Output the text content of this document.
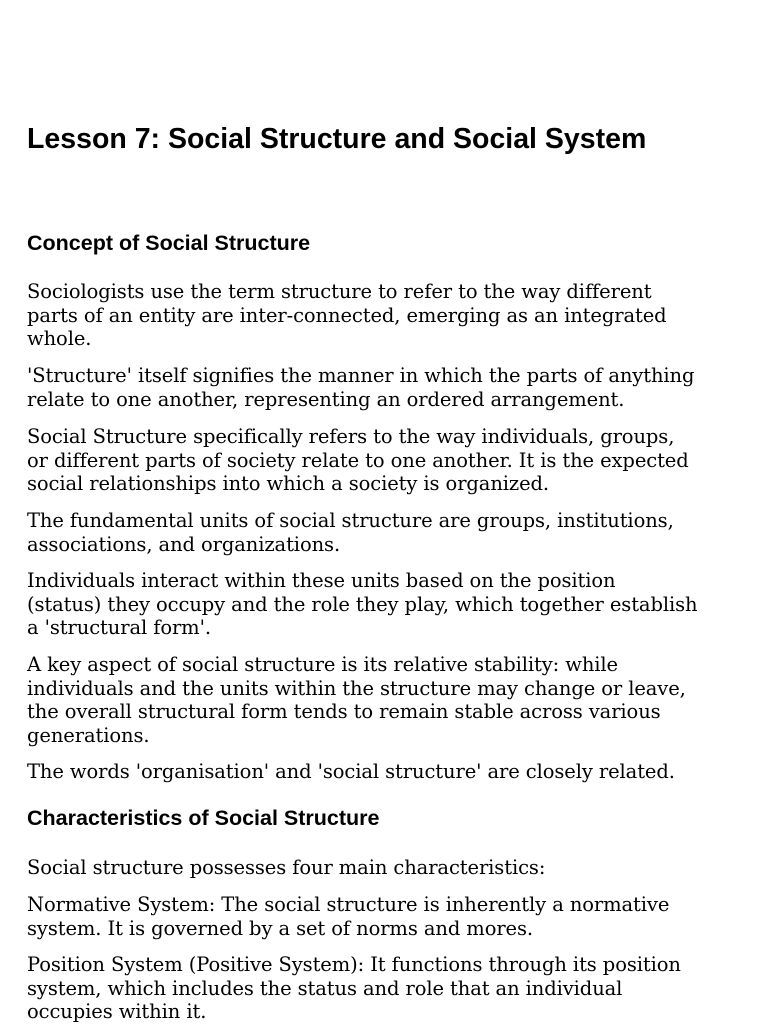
Lesson 7: Social Structure and Social System
Concept of Social Structure

Sociologists use the term structure to refer to the way different
parts of an entity are inter-connected, emerging as an integrated
whole.

'Structure' itself signifies the manner in which the parts of anything
relate to one another, representing an ordered arrangement.

Social Structure specifically refers to the way individuals, groups,
or different parts of society relate to one another. It is the expected
social relationships into which a society is organized.

The fundamental units of social structure are groups, institutions,
associations, and organizations.

Individuals interact within these units based on the position
(status) they occupy and the role they play, which together establish
a 'structural form'.

A key aspect of social structure is its relative stability: while
individuals and the units within the structure may change or leave,
the overall structural form tends to remain stable across various
generations.

The words 'organisation' and 'social structure' are closely related.

Characteristics of Social Structure

Social structure possesses four main characteristics:

Normative System: The social structure is inherently a normative
system. It is governed by a set of norms and mores.

Position System (Positive System): It functions through its position
system, which includes the status and role that an individual
occupies within it.
